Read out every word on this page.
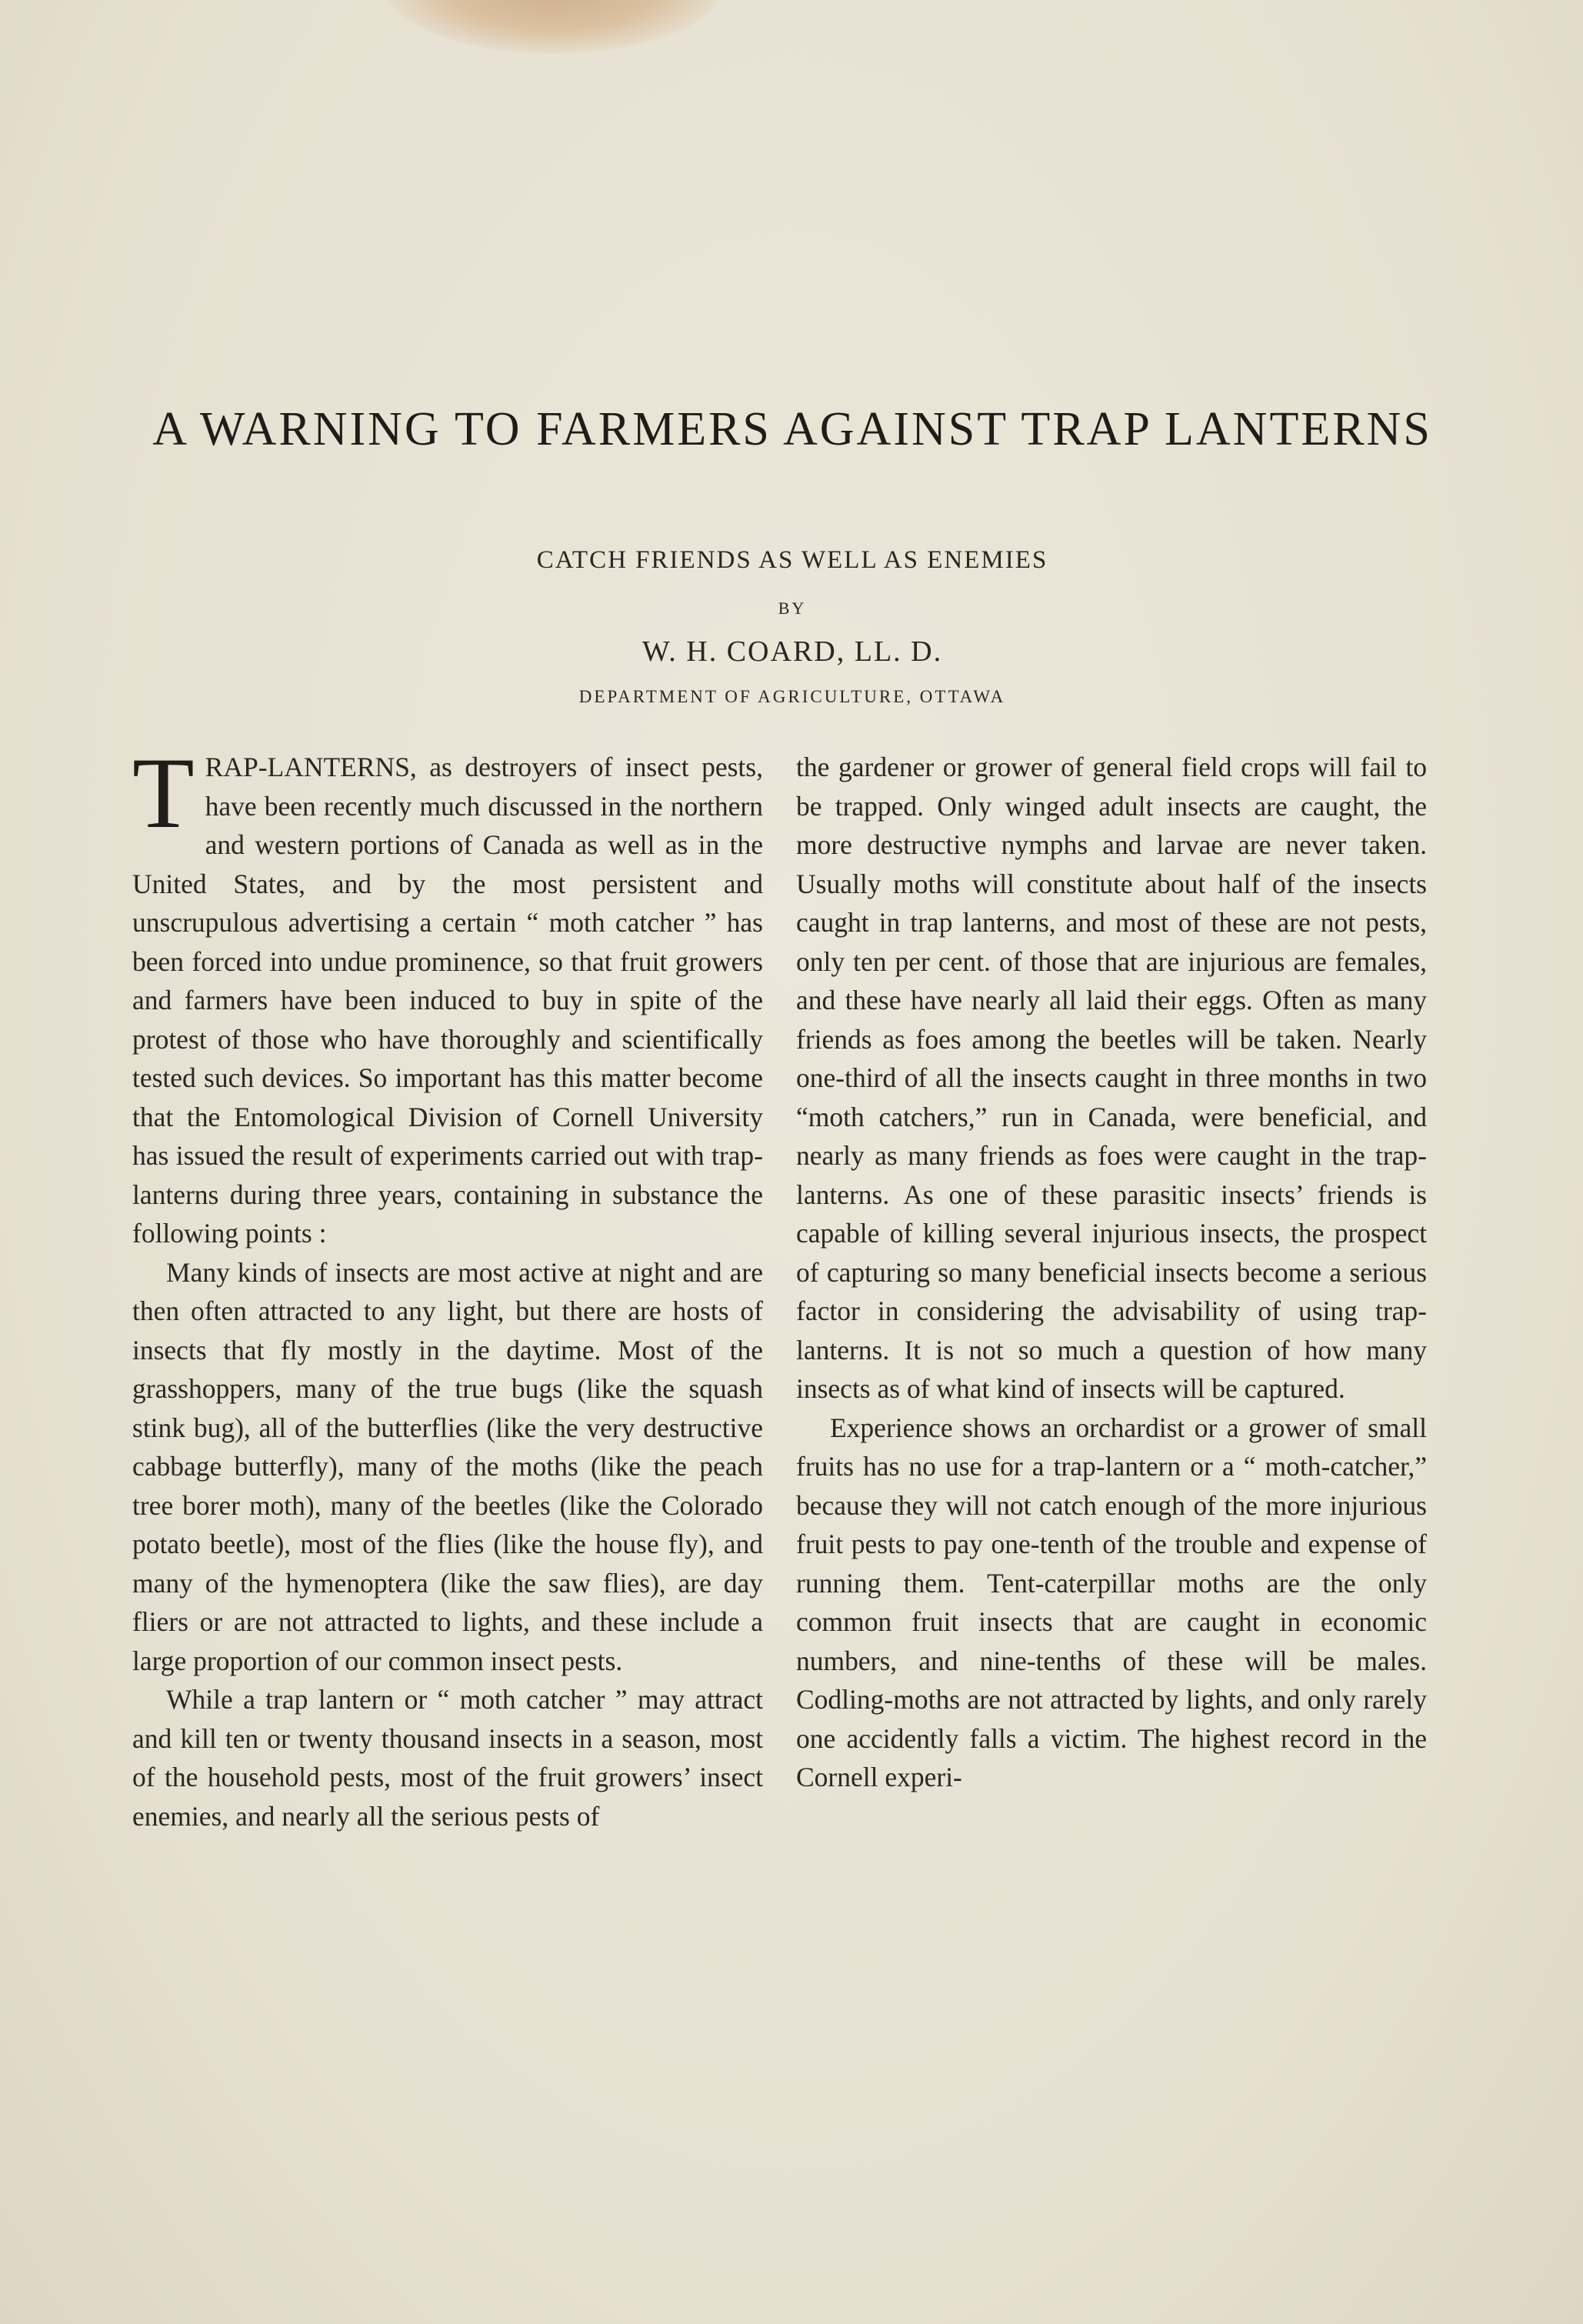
A WARNING TO FARMERS AGAINST TRAP LANTERNS

CATCH FRIENDS AS WELL AS ENEMIES

BY

W. H. COARD, LL. D.

DEPARTMENT OF AGRICULTURE, OTTAWA

TRAP-LANTERNS, as destroyers of insect pests, have been recently much discussed in the northern and western portions of Canada as well as in the United States, and by the most persistent and unscrupulous advertising a certain “ moth catcher ” has been forced into undue prominence, so that fruit growers and farmers have been induced to buy in spite of the protest of those who have thoroughly and scientifically tested such devices. So important has this matter become that the Entomological Division of Cornell University has issued the result of experiments carried out with trap-lanterns during three years, containing in substance the following points :

Many kinds of insects are most active at night and are then often attracted to any light, but there are hosts of insects that fly mostly in the daytime. Most of the grasshoppers, many of the true bugs (like the squash stink bug), all of the butterflies (like the very destructive cabbage butterfly), many of the moths (like the peach tree borer moth), many of the beetles (like the Colorado potato beetle), most of the flies (like the house fly), and many of the hymenoptera (like the saw flies), are day fliers or are not attracted to lights, and these include a large proportion of our common insect pests.

While a trap lantern or “ moth catcher ” may attract and kill ten or twenty thousand insects in a season, most of the household pests, most of the fruit growers’ insect enemies, and nearly all the serious pests of

the gardener or grower of general field crops will fail to be trapped. Only winged adult insects are caught, the more destructive nymphs and larvae are never taken. Usually moths will constitute about half of the insects caught in trap lanterns, and most of these are not pests, only ten per cent. of those that are injurious are females, and these have nearly all laid their eggs. Often as many friends as foes among the beetles will be taken. Nearly one-third of all the insects caught in three months in two “moth catchers,” run in Canada, were beneficial, and nearly as many friends as foes were caught in the trap-lanterns. As one of these parasitic insects’ friends is capable of killing several injurious insects, the prospect of capturing so many beneficial insects become a serious factor in considering the advisability of using trap-lanterns. It is not so much a question of how many insects as of what kind of insects will be captured.

Experience shows an orchardist or a grower of small fruits has no use for a trap-lantern or a “ moth-catcher,” because they will not catch enough of the more injurious fruit pests to pay one-tenth of the trouble and expense of running them. Tent-caterpillar moths are the only common fruit insects that are caught in economic numbers, and nine-tenths of these will be males. Codling-moths are not attracted by lights, and only rarely one accidently falls a victim. The highest record in the Cornell experi-
